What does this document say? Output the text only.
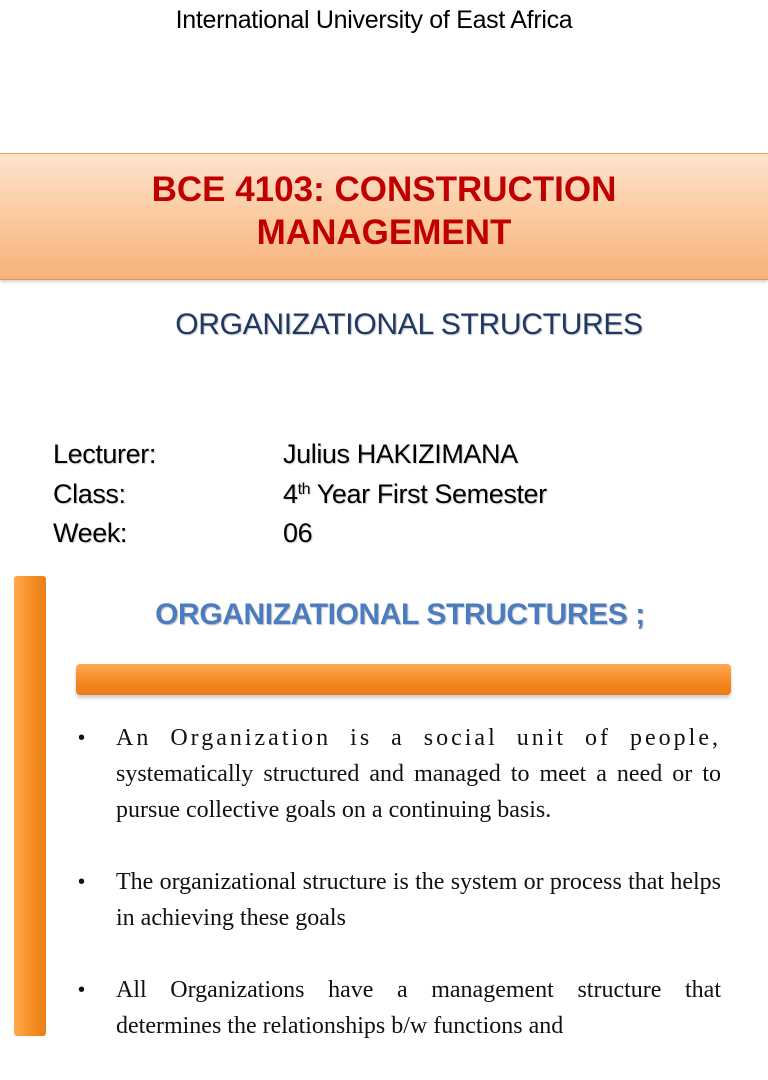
International University of East Africa
BCE 4103: CONSTRUCTION
MANAGEMENT
ORGANIZATIONAL STRUCTURES
Lecturer:	Julius HAKIZIMANA
Class:	4th Year First Semester
Week:	06
ORGANIZATIONAL STRUCTURES ;
• An Organization is a social unit of people, systematically structured and managed to meet a need or to pursue collective goals on a continuing basis.
• The organizational structure is the system or process that helps in achieving these goals
• All Organizations have a management structure that determines the relationships b/w functions and
